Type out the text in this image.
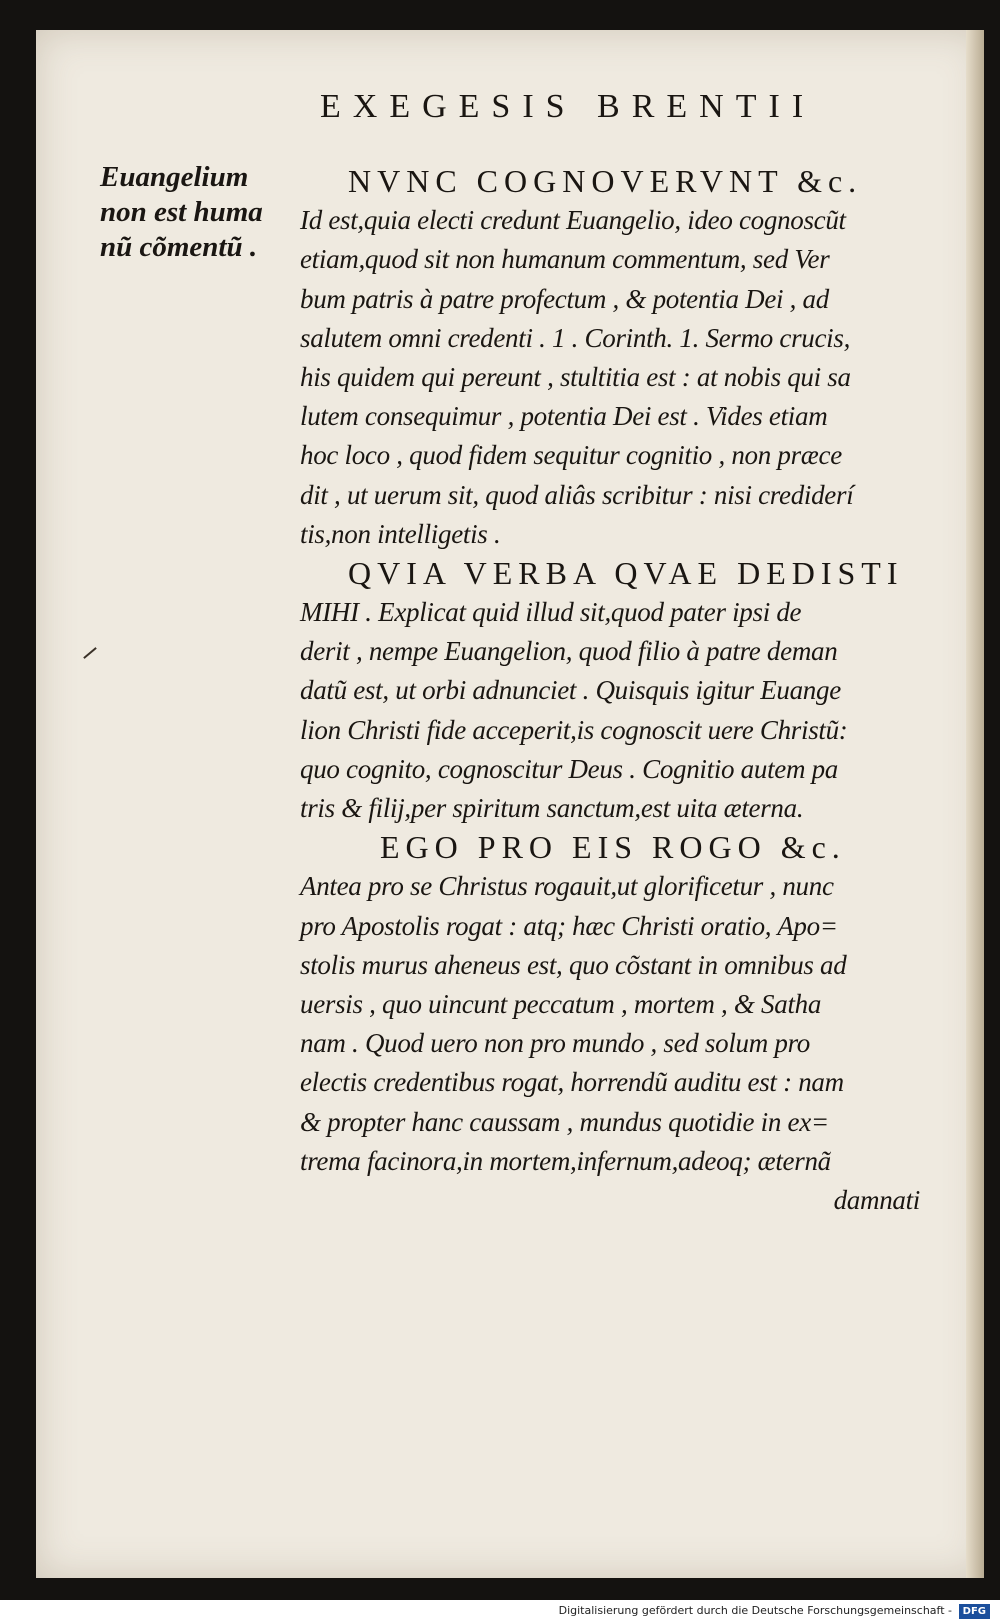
EXEGESIS BRENTII
Euangelium
non est huma
nũ cõmentũ .
NVNC COGNOVERVNT &c.
Id est,quia electi credunt Euangelio, ideo cognoscũt
etiam,quod sit non humanum commentum, sed Ver
bum patris à patre profectum , & potentia Dei , ad
salutem omni credenti . 1 . Corinth. 1. Sermo crucis,
his quidem qui pereunt , stultitia est : at nobis qui sa
lutem consequimur , potentia Dei est . Vides etiam
hoc loco , quod fidem sequitur cognitio , non præce
dit , ut uerum sit, quod aliâs scribitur : nisi crediderí
tis,non intelligetis .
QVIA VERBA QVAE DEDISTI
MIHI . Explicat quid illud sit,quod pater ipsi de
derit , nempe Euangelion, quod filio à patre deman
datũ est, ut orbi adnunciet . Quisquis igitur Euange
lion Christi fide acceperit,is cognoscit uere Christũ:
quo cognito, cognoscitur Deus . Cognitio autem pa
tris & filij,per spiritum sanctum,est uita æterna.
EGO PRO EIS ROGO &c.
Antea pro se Christus rogauit,ut glorificetur , nunc
pro Apostolis rogat : atq; hæc Christi oratio, Apo=
stolis murus aheneus est, quo cõstant in omnibus ad
uersis , quo uincunt peccatum , mortem , & Satha
nam . Quod uero non pro mundo , sed solum pro
electis credentibus rogat, horrendũ auditu est : nam
& propter hanc caussam , mundus quotidie in ex=
trema facinora,in mortem,infernum,adeoq; æternã
damnati
Digitalisierung gefördert durch die Deutsche Forschungsgemeinschaft -	DFG
